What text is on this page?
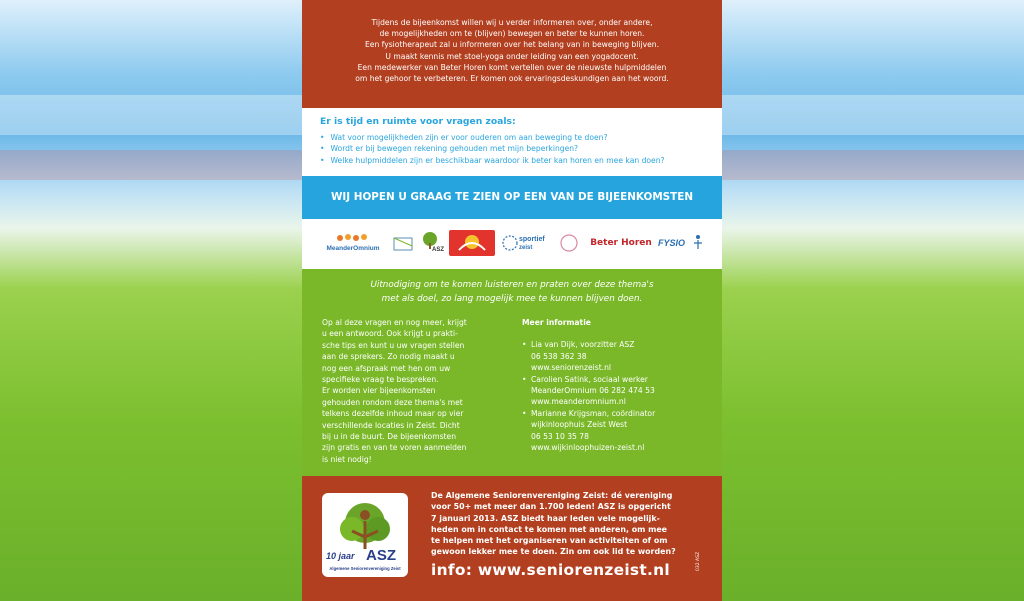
Tijdens de bijeenkomst willen wij u verder informeren over, onder andere,
de mogelijkheden om te (blijven) bewegen en beter te kunnen horen.
Een fysiotherapeut zal u informeren over het belang van in beweging blijven.
U maakt kennis met stoel-yoga onder leiding van een yogadocent.
Een medewerker van Beter Horen komt vertellen over de nieuwste hulpmiddelen
om het gehoor te verbeteren. Er komen ook ervaringsdeskundigen aan het woord.

Er is tijd en ruimte voor vragen zoals:
• Wat voor mogelijkheden zijn er voor ouderen om aan beweging te doen?
• Wordt er bij bewegen rekening gehouden met mijn beperkingen?
• Welke hulpmiddelen zijn er beschikbaar waardoor ik beter kan horen en mee kan doen?
WIJ HOPEN U GRAAG TE ZIEN OP EEN VAN DE BIJEENKOMSTEN
MeanderOmnium	ASZ
sportief
zeist	Beter Horen FYSIO
Uitnodiging om te komen luisteren en praten over deze thema's
met als doel, zo lang mogelijk mee te kunnen blijven doen.
Op al deze vragen en nog meer, krijgt
u een antwoord. Ook krijgt u prakti-
sche tips en kunt u uw vragen stellen
aan de sprekers. Zo nodig maakt u
nog een afspraak met hen om uw
specifieke vraag te bespreken.
Er worden vier bijeenkomsten
gehouden rondom deze thema's met
telkens dezelfde inhoud maar op vier
verschillende locaties in Zeist. Dicht
bij u in de buurt. De bijeenkomsten
zijn gratis en van te voren aanmelden
is niet nodig!
Meer informatie
• Lia van Dijk, voorzitter ASZ
06 538 362 38
www.seniorenzeist.nl
• Carolien Satink, sociaal werker
MeanderOmnium 06 282 474 53
www.meanderomnium.nl
• Marianne Krijgsman, coördinator
wijkinloophuis Zeist West
06 53 10 35 78
www.wijkinloophuizen-zeist.nl
10 jaar ASZ
Algemene Seniorenvereniging Zeist
De Algemene Seniorenvereniging Zeist: dé vereniging
voor 50+ met meer dan 1.700 leden! ASZ is opgericht
7 januari 2013. ASZ biedt haar leden vele mogelijk-
heden om in contact te komen met anderen, om mee
te helpen met het organiseren van activiteiten of om
gewoon lekker mee te doen. Zin om ook lid te worden?
info: www.seniorenzeist.nl	032 ASZ
